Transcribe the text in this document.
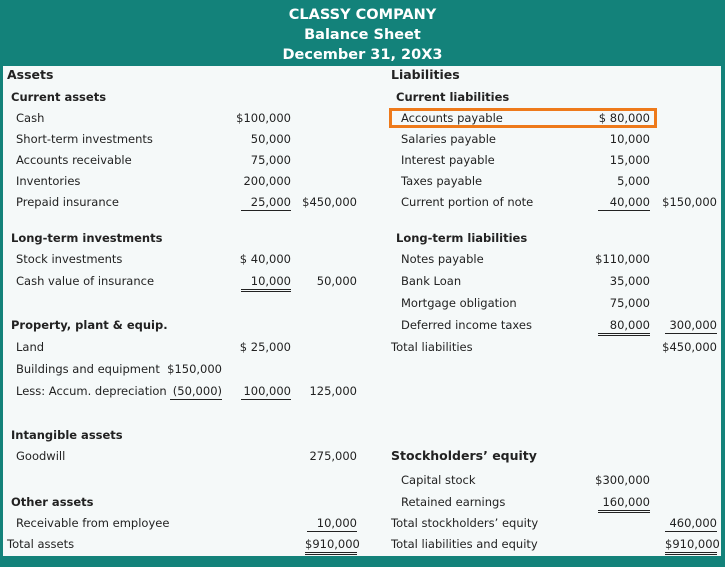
CLASSY COMPANY
Balance Sheet
December 31, 20X3
Assets
Current assets
Cash	$100,000
Short-term investments	50,000
Accounts receivable	75,000
Inventories	200,000
Prepaid insurance	25,000 $450,000
Long-term investments
Stock investments	$ 40,000
Cash value of insurance	10,000 50,000
Property, plant & equip.
Land	$ 25,000
Buildings and equipment $150,000
Less: Accum. depreciation (50,000) 100,000 125,000
Intangible assets
Goodwill	275,000
Other assets
Receivable from employee	10,000
Total assets	$910,000
Liabilities
Current liabilities
Accounts payable	$ 80,000
Salaries payable	10,000
Interest payable	15,000
Taxes payable	5,000
Current portion of note	40,000 $150,000
Long-term liabilities
Notes payable	$110,000
Bank Loan	35,000
Mortgage obligation	75,000
Deferred income taxes	80,000	300,000
Total liabilities	$450,000
Stockholders’ equity
Capital stock	$300,000
Retained earnings	160,000
Total stockholders’ equity	460,000
Total liabilities and equity	$910,000
